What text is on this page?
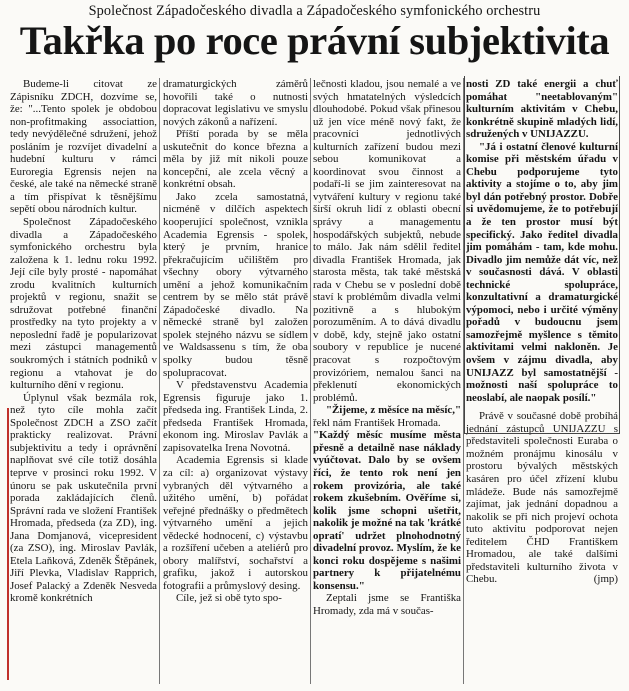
Společnost Západočeského divadla a Západočeského symfonického orchestru
Takřka po roce právní subjektivita

Budeme-li citovat ze Zápisníku ZDCH, dozvíme se, že: "...Tento spolek je obdobou non-profitmaking associattion, tedy nevýdělečné sdružení, jehož posláním je rozvíjet divadelní a hudební kulturu v rámci Euroregia Egrensis nejen na české, ale také na německé straně a tím přispívat k těsnějšímu sepětí obou národních kultur.

Společnost Západočeského divadla a Západočeského symfonického orchestru byla založena k 1. lednu roku 1992. Její cíle byly prosté - napomáhat zrodu kvalitních kulturních projektů v regionu, snažit se sdružovat potřebné finanční prostředky na tyto projekty a v neposlední řadě je popularizovat mezi zástupci managementů soukromých i státních podniků v regionu a vtahovat je do kulturního dění v regionu.

Úplynul však bezmála rok, než tyto cíle mohla začít Společnost ZDCH a ZSO začít prakticky realizovat. Právní subjektivitu a tedy i oprávnění naplňovat své cíle totiž dosáhla teprve v prosinci roku 1992. V únoru se pak uskutečnila první porada zakládajících členů. Správní rada ve složení František Hromada, předseda (za ZD), ing. Jana Domjanová, vicepresident (za ZSO), ing. Miroslav Pavlák, Etela Laňková, Zdeněk Štěpánek, Jiří Plevka, Vladislav Rapprich, Josef Palacký a Zdeněk Nesveda kromě konkrétních

dramaturgických záměrů hovořili také o nutnosti dopracovat legislativu ve smyslu nových zákonů a nařízení.

Příští porada by se měla uskutečnit do konce března a měla by již mít nikoli pouze koncepční, ale zcela věcný a konkrétní obsah.

Jako zcela samostatná, nicméně v dílčích aspektech kooperující společnost, vznikla Academia Egrensis - spolek, který je prvním, hranice překračujícím učilištěm pro všechny obory výtvarného umění a jehož komunikačním centrem by se mělo stát právě Západočeské divadlo. Na německé straně byl založen spolek stejného názvu se sídlem ve Waldsassenu s tím, že oba spolky budou těsně spolupracovat.

V představenstvu Academia Egrensis figuruje jako 1. předseda ing. František Linda, 2. předseda František Hromada, ekonom ing. Miroslav Pavlák a zapisovatelka Irena Novotná.

Academia Egrensis si klade za cíl: a) organizovat výstavy vybraných děl výtvarného a užitého umění, b) pořádat veřejné přednášky o předmětech výtvarného umění a jejich vědecké hodnocení, c) výstavbu a rozšíření učeben a ateliérů pro obory malířství, sochařství a grafiku, jakož i autorskou fotografii a průmyslový desing.

Cíle, jež si obě tyto spo-

lečnosti kladou, jsou nemalé a ve svých hmatatelných výsledcích dlouhodobé. Pokud však přinesou už jen více méně nový fakt, že pracovníci jednotlivých kulturních zařízení budou mezi sebou komunikovat a koordinovat svou činnost a podaří-li se jim zainteresovat na vytváření kultury v regionu také širší okruh lidí z oblasti obecní správy a managementu hospodářských subjektů, nebude to málo. Jak nám sdělil ředitel divadla František Hromada, jak starosta města, tak také městská rada v Chebu se v poslední době staví k problémům divadla velmi pozitivně a s hlubokým porozuměním. A to dává divadlu v době, kdy, stejně jako ostatní soubory v republice je nucené pracovat s rozpočtovým provizóriem, nemalou šanci na překlenutí ekonomických problémů.

"Žijeme, z měsíce na měsíc," řekl nám František Hromada.

"Každý měsíc musíme města přesně a detailně nase náklady vyúčtovat. Dalo by se ovšem říci, že tento rok není jen rokem provizória, ale také rokem zkušebním. Ověříme si, kolik jsme schopni ušetřit, nakolik je možné na tak 'krátké opratí' udržet plnohodnotný divadelní provoz. Myslím, že ke konci roku dospějeme s našimi partnery k přijatelnému konsensu."

Zeptali jsme se Františka Hromady, zda má v součas-

nosti ZD také energii a chuť pomáhat "neetablovaným" kulturním aktivitám v Chebu, konkrétně skupině mladých lidí, sdružených v UNIJAZZU.

"Já i ostatní členové kulturní komise při městském úřadu v Chebu podporujeme tyto aktivity a stojíme o to, aby jim byl dán potřebný prostor. Dobře si uvědomujeme, že to potřebují a že ten prostor musí být specifický. Jako ředitel divadla jim pomáhám - tam, kde mohu. Divadlo jim nemůže dát víc, než v současnosti dává. V oblasti technické spolupráce, konzultativní a dramaturgické výpomoci, nebo i určité výměny pořadů v budoucnu jsem samozřejmě myšlence s těmito aktivitami velmi nakloněn. Je ovšem v zájmu divadla, aby UNIJAZZ byl samostatnější - možnosti naší spolupráce to neoslabí, ale naopak posílí."

Právě v současné době probíhá jednání zástupců UNIJAZZU s představiteli společnosti Euraba o možném pronájmu kinosálu v prostoru bývalých městských kasáren pro účel zřízení klubu mládeže. Bude nás samozřejmě zajímat, jak jednání dopadnou a nakolik se při nich projeví ochota tuto aktivitu podporovat nejen ředitelem ČHD Františkem Hromadou, ale také dalšími představiteli kulturního života v Chebu.	(jmp)
